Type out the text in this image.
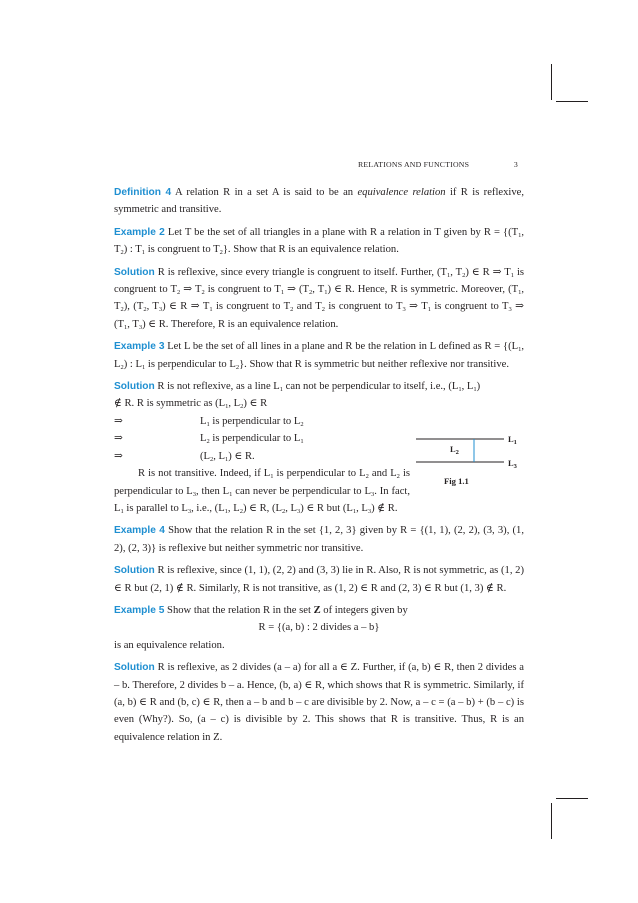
RELATIONS AND FUNCTIONS	3

Definition 4 A relation R in a set A is said to be an equivalence relation if R is reflexive, symmetric and transitive.

Example 2 Let T be the set of all triangles in a plane with R a relation in T given by $R = \{(T_1$, $T_2$) : $T_1$ is congruent to $T_2$}. Show that R is an equivalence relation.

Solution R is reflexive, since every triangle is congruent to itself. Further, ($T_1$, $T_2$) ∈ R ⇒ $T_1$ is congruent to $T_2$ ⇒ $T_2$ is congruent to $T_1$ ⇒ ($T_2$, $T_1$) ∈ R. Hence, R is symmetric. Moreover, ($T_1$, $T_2$), ($T_2$, $T_3$) ∈ R ⇒ $T_1$ is congruent to $T_2$ and $T_2$ is congruent to $T_3$ ⇒ $T_1$ is congruent to $T_3$ ⇒ ($T_1$, $T_3$) ∈ R. Therefore, R is an equivalence relation.

Example 3 Let L be the set of all lines in a plane and R be the relation in L defined as $R = \{(L_1$, $L_2$) : $L_1$ is perpendicular to $L_2$}. Show that R is symmetric but neither reflexive nor transitive.

Solution R is not reflexive, as a line $L_1$ can not be perpendicular to itself, i.e., ($L_1$, $L_1$)
∉ R. R is symmetric as ($L_1$, $L_2$) ∈ R
⇒	$L_1$ is perpendicular to $L_2$
⇒	$L_2$ is perpendicular to $L_1$
⇒	($L_2$, $L_1$) ∈ R.
R is not transitive. Indeed, if $L_1$ is perpendicular to $L_2$ and $L_2$ is perpendicular to $L_3$, then $L_1$ can never be perpendicular to $L_3$. In fact, $L_1$ is parallel to $L_3$, i.e., ($L_1$, $L_2$) ∈ R, ($L_2$, $L_3$) ∈ R but ($L_1$, $L_3$) ∉ R.

Example 4 Show that the relation R in the set {1, 2, 3} given by R = {(1, 1), (2, 2), (3, 3), (1, 2), (2, 3)} is reflexive but neither symmetric nor transitive.

Solution R is reflexive, since (1, 1), (2, 2) and (3, 3) lie in R. Also, R is not symmetric, as (1, 2) ∈ R but (2, 1) ∉ R. Similarly, R is not transitive, as (1, 2) ∈ R and (2, 3) ∈ R but (1, 3) ∉ R.

Example 5 Show that the relation R in the set Z of integers given by
R = {(a, b) : 2 divides a – b}
is an equivalence relation.

Solution R is reflexive, as 2 divides (a – a) for all a ∈ Z. Further, if (a, b) ∈ R, then 2 divides a – b. Therefore, 2 divides b – a. Hence, (b, a) ∈ R, which shows that R is symmetric. Similarly, if (a, b) ∈ R and (b, c) ∈ R, then a – b and b – c are divisible by 2. Now, a – c = (a – b) + (b – c) is even (Why?). So, (a – c) is divisible by 2. This shows that R is transitive. Thus, R is an equivalence relation in Z.

$L_1$
$L_2$
$L_3$
Fig 1.1
